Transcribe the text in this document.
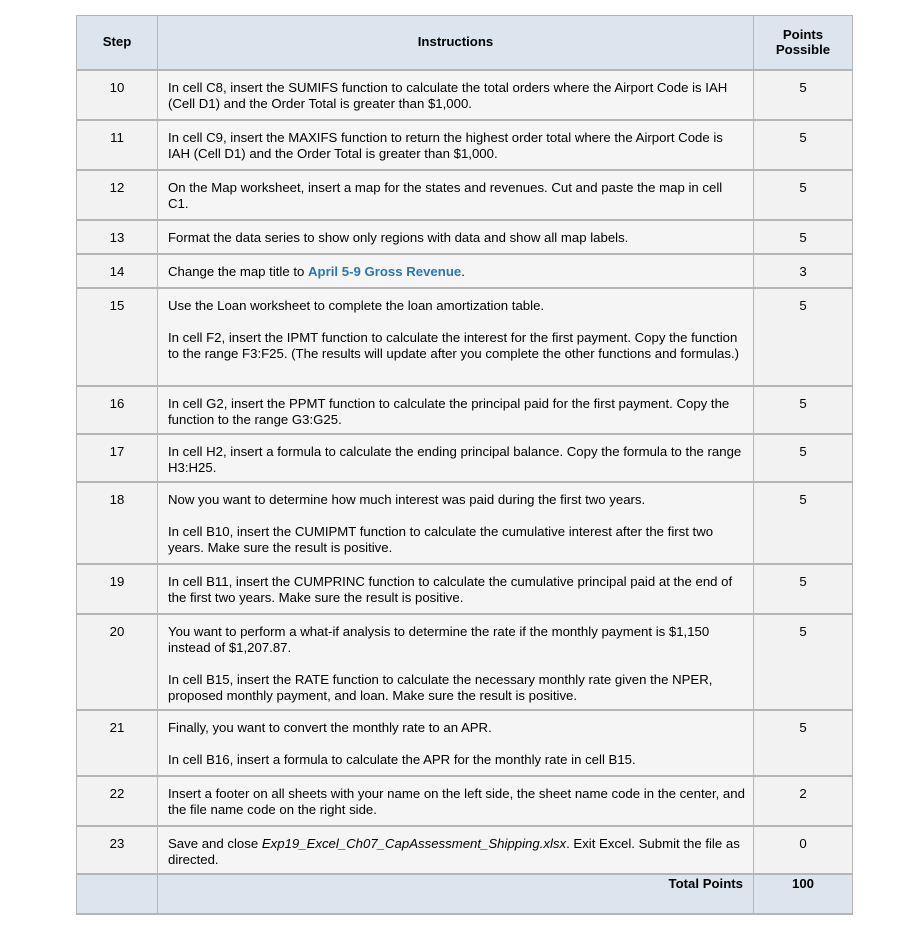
Step	Instructions	Points Possible
10	In cell C8, insert the SUMIFS function to calculate the total orders where the Airport Code is IAH (Cell D1) and the Order Total is greater than $1,000.	5
11	In cell C9, insert the MAXIFS function to return the highest order total where the Airport Code is IAH (Cell D1) and the Order Total is greater than $1,000.	5
12	On the Map worksheet, insert a map for the states and revenues. Cut and paste the map in cell C1.	5
13	Format the data series to show only regions with data and show all map labels.	5
14	Change the map title to April 5-9 Gross Revenue.	3
15	Use the Loan worksheet to complete the loan amortization table.
In cell F2, insert the IPMT function to calculate the interest for the first payment. Copy the function to the range F3:F25. (The results will update after you complete the other functions and formulas.)	5
16	In cell G2, insert the PPMT function to calculate the principal paid for the first payment. Copy the function to the range G3:G25.	5
17	In cell H2, insert a formula to calculate the ending principal balance. Copy the formula to the range H3:H25.	5
18	Now you want to determine how much interest was paid during the first two years.
In cell B10, insert the CUMIPMT function to calculate the cumulative interest after the first two years. Make sure the result is positive.	5
19	In cell B11, insert the CUMPRINC function to calculate the cumulative principal paid at the end of the first two years. Make sure the result is positive.	5
20	You want to perform a what-if analysis to determine the rate if the monthly payment is $1,150 instead of $1,207.87.
In cell B15, insert the RATE function to calculate the necessary monthly rate given the NPER, proposed monthly payment, and loan. Make sure the result is positive.	5
21	Finally, you want to convert the monthly rate to an APR.
In cell B16, insert a formula to calculate the APR for the monthly rate in cell B15.	5
22	Insert a footer on all sheets with your name on the left side, the sheet name code in the center, and the file name code on the right side.	2
23	Save and close Exp19_Excel_Ch07_CapAssessment_Shipping.xlsx. Exit Excel. Submit the file as directed.	0
	Total Points	100
